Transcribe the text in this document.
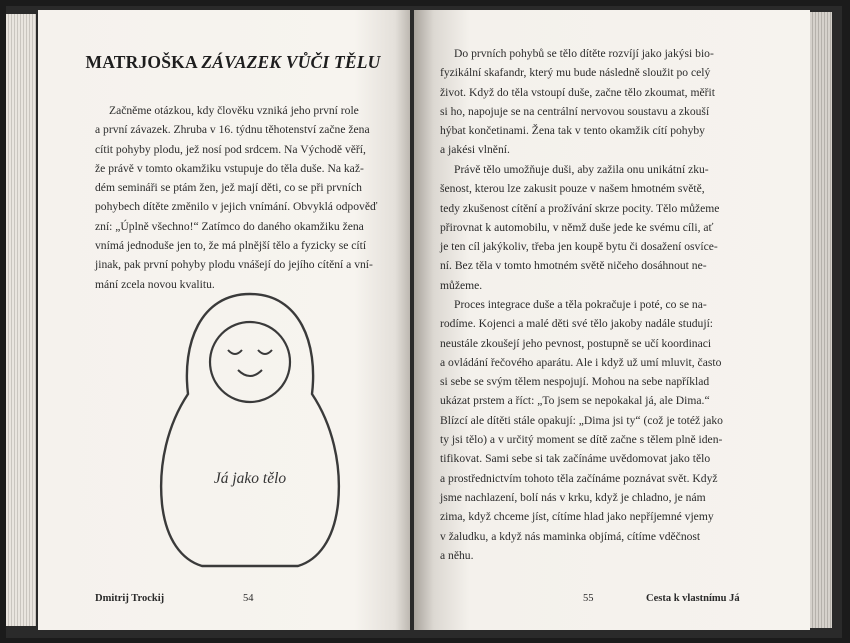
MATRJOŠKA ZÁVAZEK VŮČI TĚLU
Začněme otázkou, kdy člověku vzniká jeho první role
a první závazek. Zhruba v 16. týdnu těhotenství začne žena
cítit pohyby plodu, jež nosí pod srdcem. Na Východě věří,
že právě v tomto okamžiku vstupuje do těla duše. Na kaž-
dém semináři se ptám žen, jež mají děti, co se při prvních
pohybech dítěte změnilo v jejich vnímání. Obvyklá odpověď
zní: „Úplně všechno!“ Zatímco do daného okamžiku žena
vnímá jednoduše jen to, že má plnější tělo a fyzicky se cítí
jinak, pak první pohyby plodu vnášejí do jejího cítění a vní-
mání zcela novou kvalitu.
Já jako tělo
Dmitrij Trockij	54
Do prvních pohybů se tělo dítěte rozvíjí jako jakýsi bio-
fyzikální skafandr, který mu bude následně sloužit po celý
život. Když do těla vstoupí duše, začne tělo zkoumat, měřit
si ho, napojuje se na centrální nervovou soustavu a zkouší
hýbat končetinami. Žena tak v tento okamžik cítí pohyby
a jakési vlnění.
Právě tělo umožňuje duši, aby zažila onu unikátní zku-
šenost, kterou lze zakusit pouze v našem hmotném světě,
tedy zkušenost cítění a prožívání skrze pocity. Tělo můžeme
přirovnat k automobilu, v němž duše jede ke svému cíli, ať
je ten cíl jakýkoliv, třeba jen koupě bytu či dosažení osvíce-
ní. Bez těla v tomto hmotném světě ničeho dosáhnout ne-
můžeme.
Proces integrace duše a těla pokračuje i poté, co se na-
rodíme. Kojenci a malé děti své tělo jakoby nadále studují:
neustále zkoušejí jeho pevnost, postupně se učí koordinaci
a ovládání řečového aparátu. Ale i když už umí mluvit, často
si sebe se svým tělem nespojují. Mohou na sebe například
ukázat prstem a říct: „To jsem se nepokakal já, ale Dima.“
Blízcí ale dítěti stále opakují: „Dima jsi ty“ (což je totéž jako
ty jsi tělo) a v určitý moment se dítě začne s tělem plně iden-
tifikovat. Sami sebe si tak začínáme uvědomovat jako tělo
a prostřednictvím tohoto těla začínáme poznávat svět. Když
jsme nachlazení, bolí nás v krku, když je chladno, je nám
zima, když chceme jíst, cítíme hlad jako nepříjemné vjemy
v žaludku, a když nás maminka objímá, cítíme vděčnost
a něhu.
55	Cesta k vlastnímu Já
